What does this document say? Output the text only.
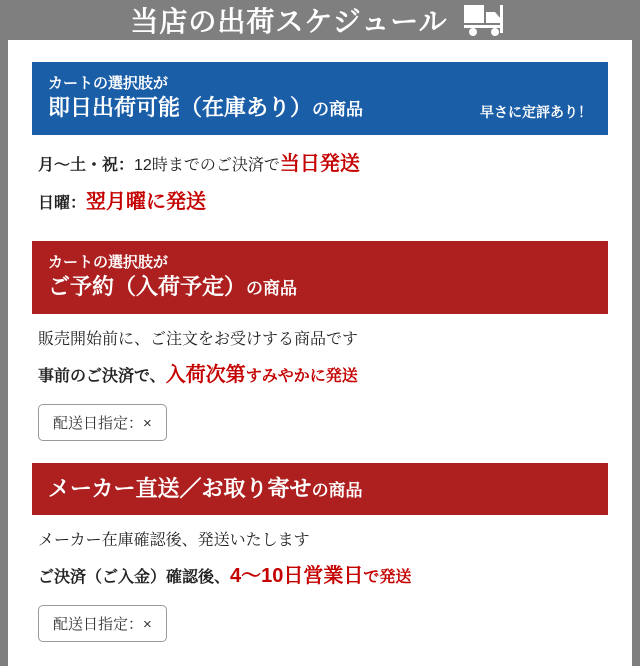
当店の出荷スケジュール
カートの選択肢が
即日出荷可能（在庫あり）の商品	早さに定評あり！
月〜土・祝：12時までのご決済で当日発送
日曜：翌月曜に発送
カートの選択肢が
ご予約（入荷予定）の商品
販売開始前に、ご注文をお受けする商品です
事前のご決済で、入荷次第すみやかに発送
配送日指定：×
メーカー直送／お取り寄せの商品
メーカー在庫確認後、発送いたします
ご決済（ご入金）確認後、4〜10日営業日で発送
配送日指定：×
